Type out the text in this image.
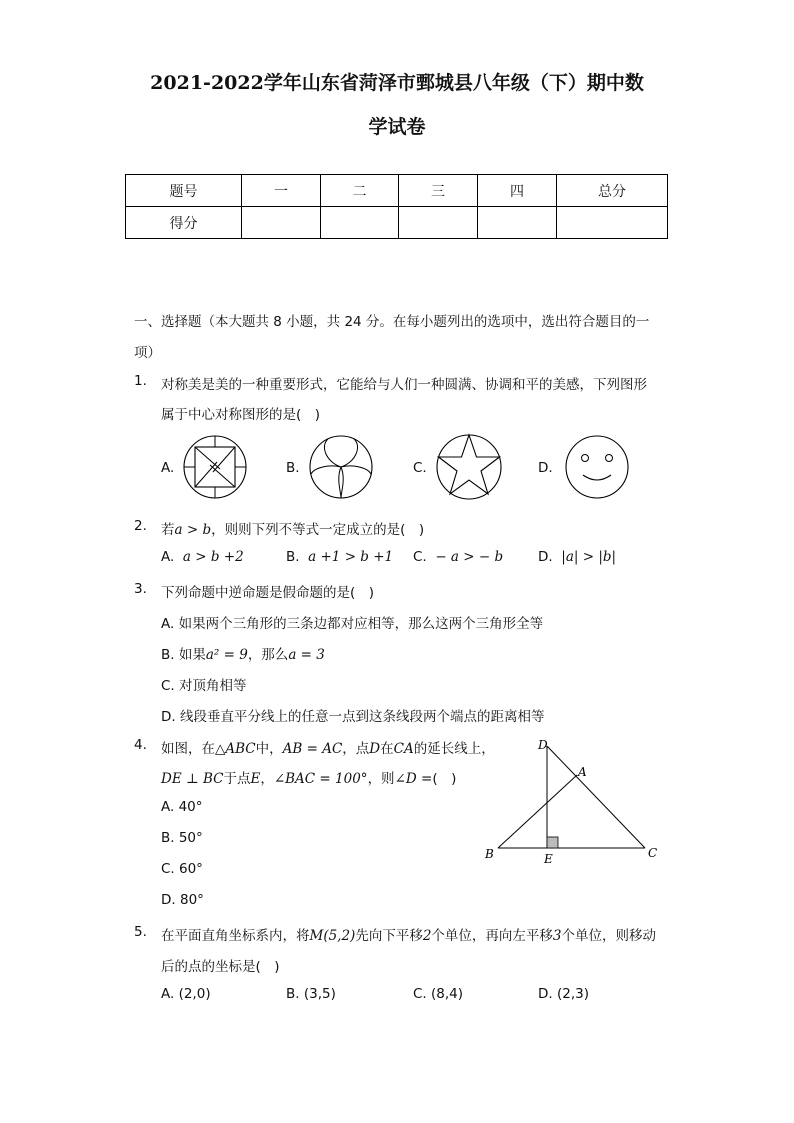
2021-2022学年山东省菏泽市鄄城县八年级（下）期中数
学试卷
题号	一	二	三	四	总分
得分					
一、选择题（本大题共 8 小题，共 24 分。在每小题列出的选项中，选出符合题目的一
项）
1. 对称美是美的一种重要形式，它能给与人们一种圆满、协调和平的美感，下列图形
属于中心对称图形的是(　)
A.	B.	C.	D.
2. 若a > b，则则下列不等式一定成立的是(　)
A. a > b +2	B. a +1 > b +1 C. − a > − b	D. |a| > |b|
3. 下列命题中逆命题是假命题的是(　)
A. 如果两个三角形的三条边都对应相等，那么这两个三角形全等
B. 如果a² = 9，那么a = 3
C. 对顶角相等
D. 线段垂直平分线上的任意一点到这条线段两个端点的距离相等
4. 如图，在△ABC中，AB = AC，点D在CA的延长线上，
DE ⊥ BC于点E，∠BAC = 100°，则∠D =(　)
A. 40°
B. 50°
C. 60°
D. 80°
D
A
B	E	C
5. 在平面直角坐标系内，将M(5,2)先向下平移2个单位，再向左平移3个单位，则移动
后的点的坐标是(　)
A. (2,0)	B. (3,5)	C. (8,4)	D. (2,3)
